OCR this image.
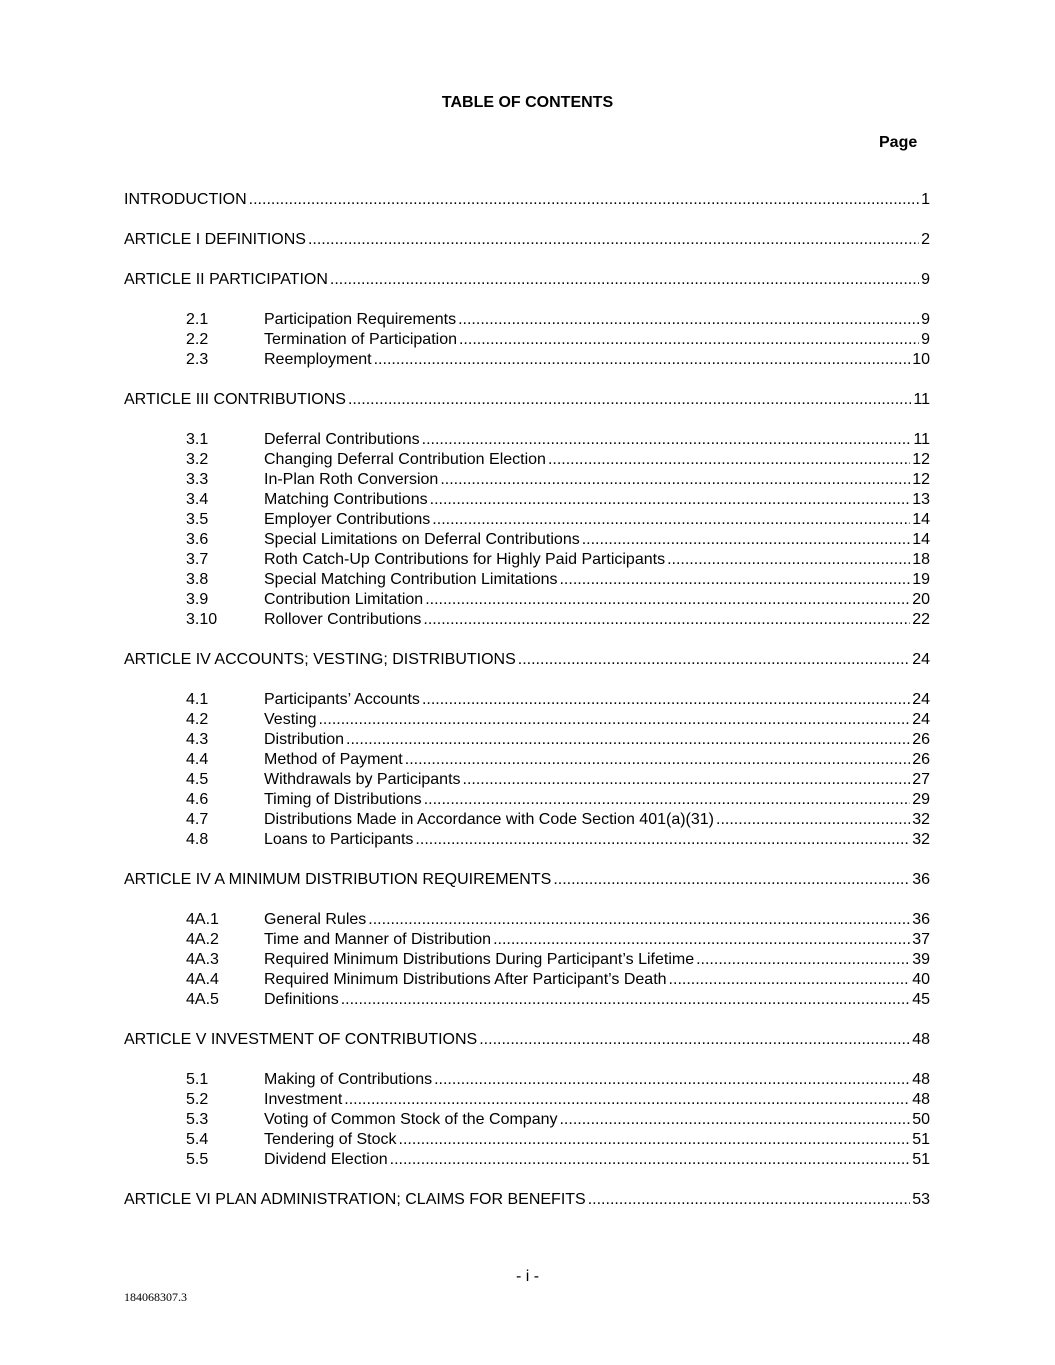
TABLE OF CONTENTS
Page
INTRODUCTION .....	1
ARTICLE I DEFINITIONS .....	2
ARTICLE II PARTICIPATION .....	9
2.1	Participation Requirements .....	9
2.2	Termination of Participation .....	9
2.3	Reemployment .....	10
ARTICLE III CONTRIBUTIONS .....	11
3.1	Deferral Contributions .....	11
3.2	Changing Deferral Contribution Election .....	12
3.3	In-Plan Roth Conversion .....	12
3.4	Matching Contributions .....	13
3.5	Employer Contributions .....	14
3.6	Special Limitations on Deferral Contributions .....	14
3.7	Roth Catch-Up Contributions for Highly Paid Participants .....	18
3.8	Special Matching Contribution Limitations .....	19
3.9	Contribution Limitation .....	20
3.10	Rollover Contributions .....	22
ARTICLE IV ACCOUNTS; VESTING; DISTRIBUTIONS .....	24
4.1	Participants’ Accounts .....	24
4.2	Vesting .....	24
4.3	Distribution .....	26
4.4	Method of Payment .....	26
4.5	Withdrawals by Participants .....	27
4.6	Timing of Distributions .....	29
4.7	Distributions Made in Accordance with Code Section 401(a)(31) .....	32
4.8	Loans to Participants .....	32
ARTICLE IV A MINIMUM DISTRIBUTION REQUIREMENTS .....	36
4A.1	General Rules .....	36
4A.2	Time and Manner of Distribution .....	37
4A.3	Required Minimum Distributions During Participant’s Lifetime .....	39
4A.4	Required Minimum Distributions After Participant’s Death .....	40
4A.5	Definitions .....	45
ARTICLE V INVESTMENT OF CONTRIBUTIONS .....	48
5.1	Making of Contributions .....	48
5.2	Investment .....	48
5.3	Voting of Common Stock of the Company .....	50
5.4	Tendering of Stock .....	51
5.5	Dividend Election .....	51
ARTICLE VI PLAN ADMINISTRATION; CLAIMS FOR BENEFITS .....	53
- i -
184068307.3
